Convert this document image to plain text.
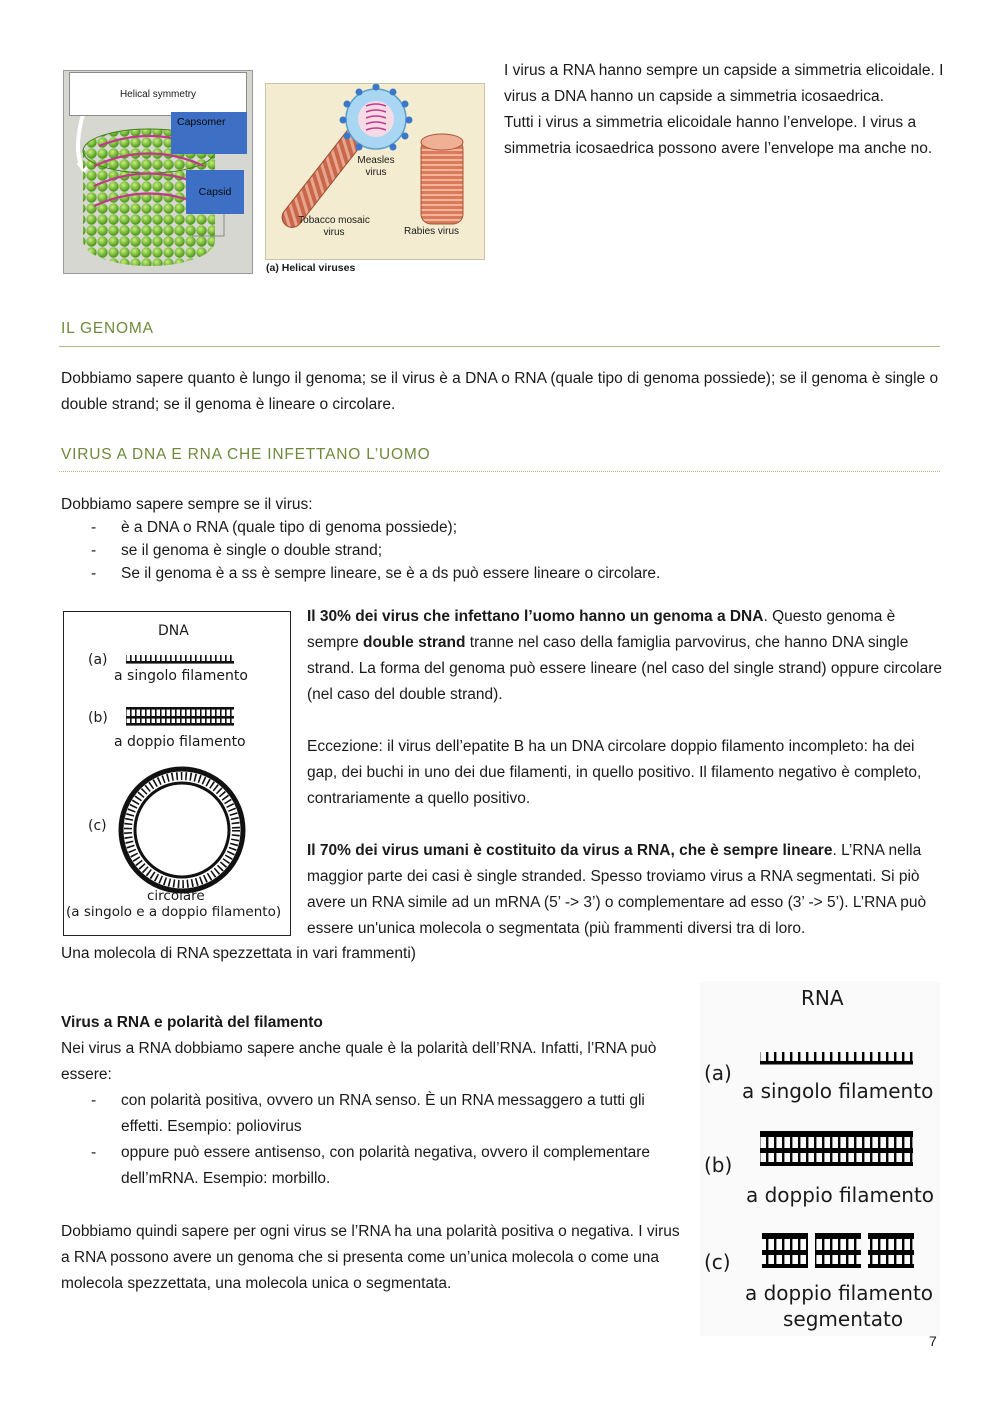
Helical symmetry
Capsomer
Capsid
Measles
virus
Tobacco mosaic
virus	Rabies virus
(a) Helical viruses

I virus a RNA hanno sempre un capside a simmetria elicoidale. I virus a DNA hanno un capside a simmetria icosaedrica.

Tutti i virus a simmetria elicoidale hanno l’envelope. I virus a simmetria icosaedrica possono avere l’envelope ma anche no.

IL GENOMA

Dobbiamo sapere quanto è lungo il genoma; se il virus è a DNA o RNA (quale tipo di genoma possiede); se il genoma è single o double strand; se il genoma è lineare o circolare.

VIRUS A DNA E RNA CHE INFETTANO L’UOMO

Dobbiamo sapere sempre se il virus:

- è a DNA o RNA (quale tipo di genoma possiede);
- se il genoma è single o double strand;
- Se il genoma è a ss è sempre lineare, se è a ds può essere lineare o circolare.
DNA
(a)
a singolo filamento
(b)
a doppio filamento
(c)
circolare
(a singolo e a doppio filamento)

Il 30% dei virus che infettano l’uomo hanno un genoma a DNA. Questo genoma è sempre double strand tranne nel caso della famiglia parvovirus, che hanno DNA single strand. La forma del genoma può essere lineare (nel caso del single strand) oppure circolare (nel caso del double strand).

Eccezione: il virus dell’epatite B ha un DNA circolare doppio filamento incompleto: ha dei gap, dei buchi in uno dei due filamenti, in quello positivo. Il filamento negativo è completo, contrariamente a quello positivo.

Il 70% dei virus umani è costituito da virus a RNA, che è sempre lineare. L’RNA nella maggior parte dei casi è single stranded. Spesso troviamo virus a RNA segmentati. Si piò avere un RNA simile ad un mRNA (5’ -> 3’) o complementare ad esso (3’ -> 5’). L’RNA può essere un'unica molecola o segmentata (più frammenti diversi tra di loro.

Una molecola di RNA spezzettata in vari frammenti)

Virus a RNA e polarità del filamento

Nei virus a RNA dobbiamo sapere anche quale è la polarità dell’RNA. Infatti, l’RNA può essere:

- con polarità positiva, ovvero un RNA senso. È un RNA messaggero a tutti gli effetti. Esempio: poliovirus
- oppure può essere antisenso, con polarità negativa, ovvero il complementare dell’mRNA. Esempio: morbillo.

Dobbiamo quindi sapere per ogni virus se l’RNA ha una polarità positiva o negativa. I virus a RNA possono avere un genoma che si presenta come un’unica molecola o come una molecola spezzettata, una molecola unica o segmentata.

RNA
(a)
a singolo filamento
(b)
a doppio filamento
(c)
a doppio filamento
segmentato
7
